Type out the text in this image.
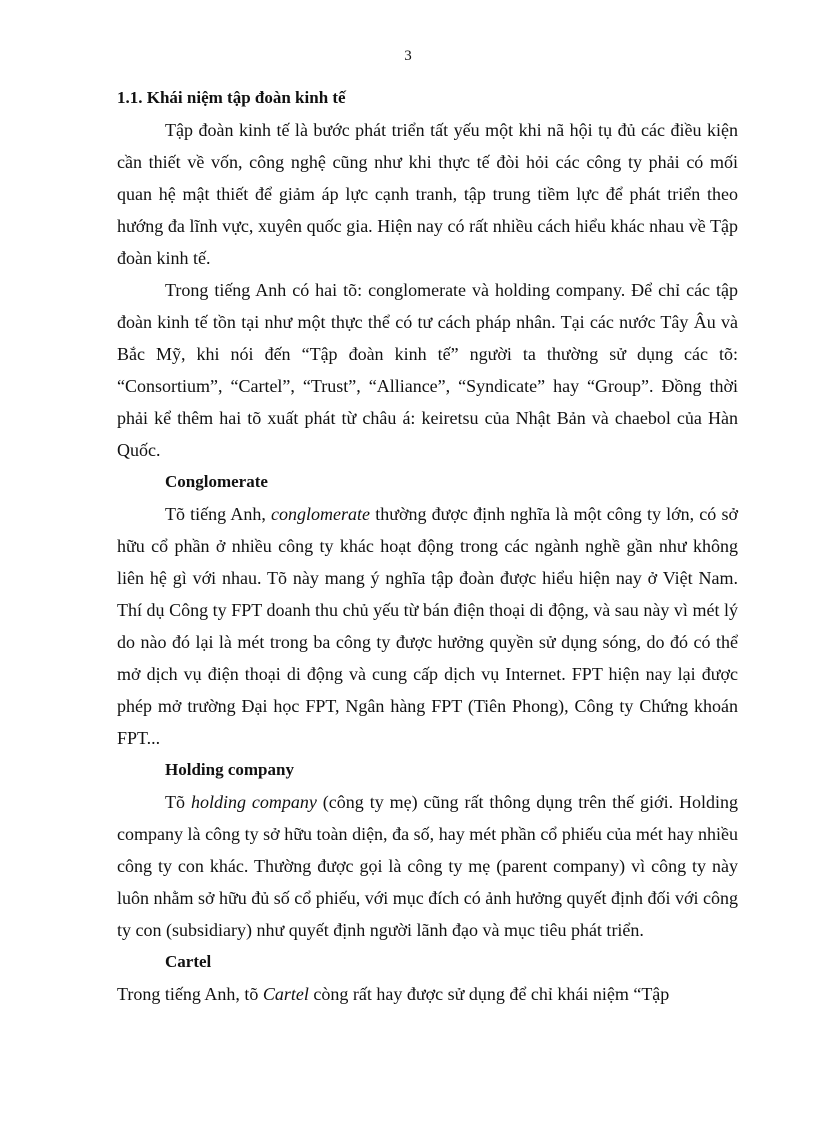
3

1.1. Khái niệm tập đoàn kinh tế

Tập đoàn kinh tế là bước phát triển tất yếu một khi nã hội tụ đủ các điều kiện cần thiết về vốn, công nghệ cũng như khi thực tế đòi hỏi các công ty phải có mối quan hệ mật thiết để giảm áp lực cạnh tranh, tập trung tiềm lực để phát triển theo hướng đa lĩnh vực, xuyên quốc gia. Hiện nay có rất nhiều cách hiểu khác nhau về Tập đoàn kinh tế.

Trong tiếng Anh có hai tõ: conglomerate và holding company. Để chỉ các tập đoàn kinh tế tồn tại như một thực thể có tư cách pháp nhân. Tại các nước Tây Âu và Bắc Mỹ, khi nói đến “Tập đoàn kinh tế” người ta thường sử dụng các tõ: “Consortium”, “Cartel”, “Trust”, “Alliance”, “Syndicate” hay “Group”. Đồng thời phải kể thêm hai tõ xuất phát từ châu á: keiretsu của Nhật Bản và chaebol của Hàn Quốc.

Conglomerate

Tõ tiếng Anh, conglomerate thường được định nghĩa là một công ty lớn, có sở hữu cổ phần ở nhiều công ty khác hoạt động trong các ngành nghề gần như không liên hệ gì với nhau. Tõ này mang ý nghĩa tập đoàn được hiểu hiện nay ở Việt Nam. Thí dụ Công ty FPT doanh thu chủ yếu từ bán điện thoại di động, và sau này vì mét lý do nào đó lại là mét trong ba công ty được hưởng quyền sử dụng sóng, do đó có thể mở dịch vụ điện thoại di động và cung cấp dịch vụ Internet. FPT hiện nay lại được phép mở trường Đại học FPT, Ngân hàng FPT (Tiên Phong), Công ty Chứng khoán FPT...

Holding company

Tõ holding company (công ty mẹ) cũng rất thông dụng trên thế giới. Holding company là công ty sở hữu toàn diện, đa số, hay mét phần cổ phiếu của mét hay nhiều công ty con khác. Thường được gọi là công ty mẹ (parent company) vì công ty này luôn nhằm sở hữu đủ số cổ phiếu, với mục đích có ảnh hưởng quyết định đối với công ty con (subsidiary) như quyết định người lãnh đạo và mục tiêu phát triển.

Cartel

Trong tiếng Anh, tõ Cartel còng rất hay được sử dụng để chỉ khái niệm “Tập
